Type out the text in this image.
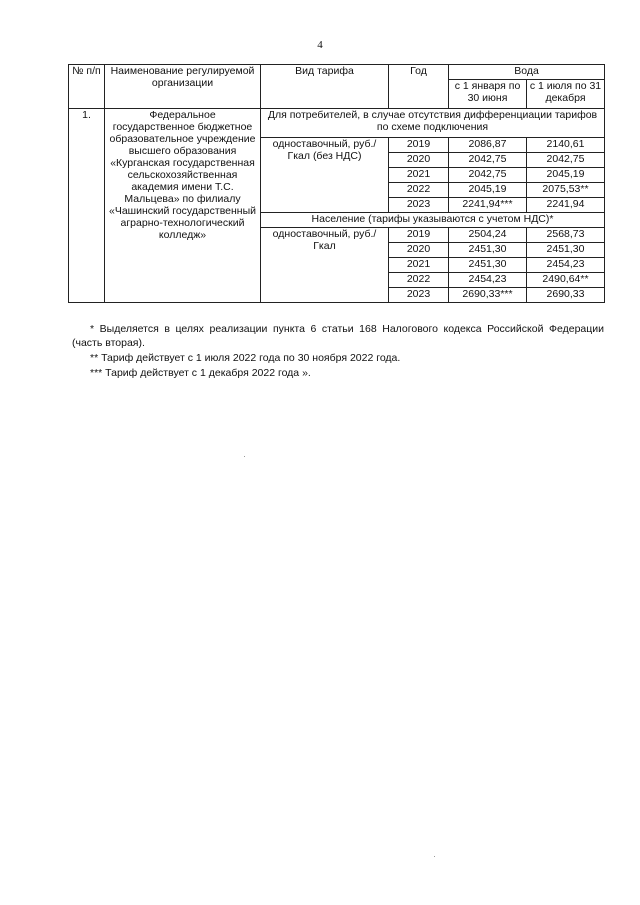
4
№ п/п	Наименование регулируемой организации	Вид тарифа	Год	Вода	
				с 1 января по 30 июня	с 1 июля по 31 декабря
1.	Федеральное государственное бюджетное образовательное учреждение высшего образования «Курганская государственная сельскохозяйственная академия имени Т.С. Мальцева» по филиалу «Чашинский государственный аграрно-технологический колледж»	Для потребителей, в случае отсутствия дифференциации тарифов по схеме подключения			
		одноставочный, руб./Гкал (без НДС)	2019	2086,87	2140,61
			2020	2042,75	2042,75
			2021	2042,75	2045,19
			2022	2045,19	2075,53**
			2023	2241,94***	2241,94
		Население (тарифы указываются с учетом НДС)*			
		одноставочный, руб./Гкал	2019	2504,24	2568,73
			2020	2451,30	2451,30
			2021	2451,30	2454,23
			2022	2454,23	2490,64**
			2023	2690,33***	2690,33

* Выделяется в целях реализации пункта 6 статьи 168 Налогового кодекса Российской Федерации (часть вторая).

** Тариф действует с 1 июля 2022 года по 30 ноября 2022 года.

*** Тариф действует с 1 декабря 2022 года ».
